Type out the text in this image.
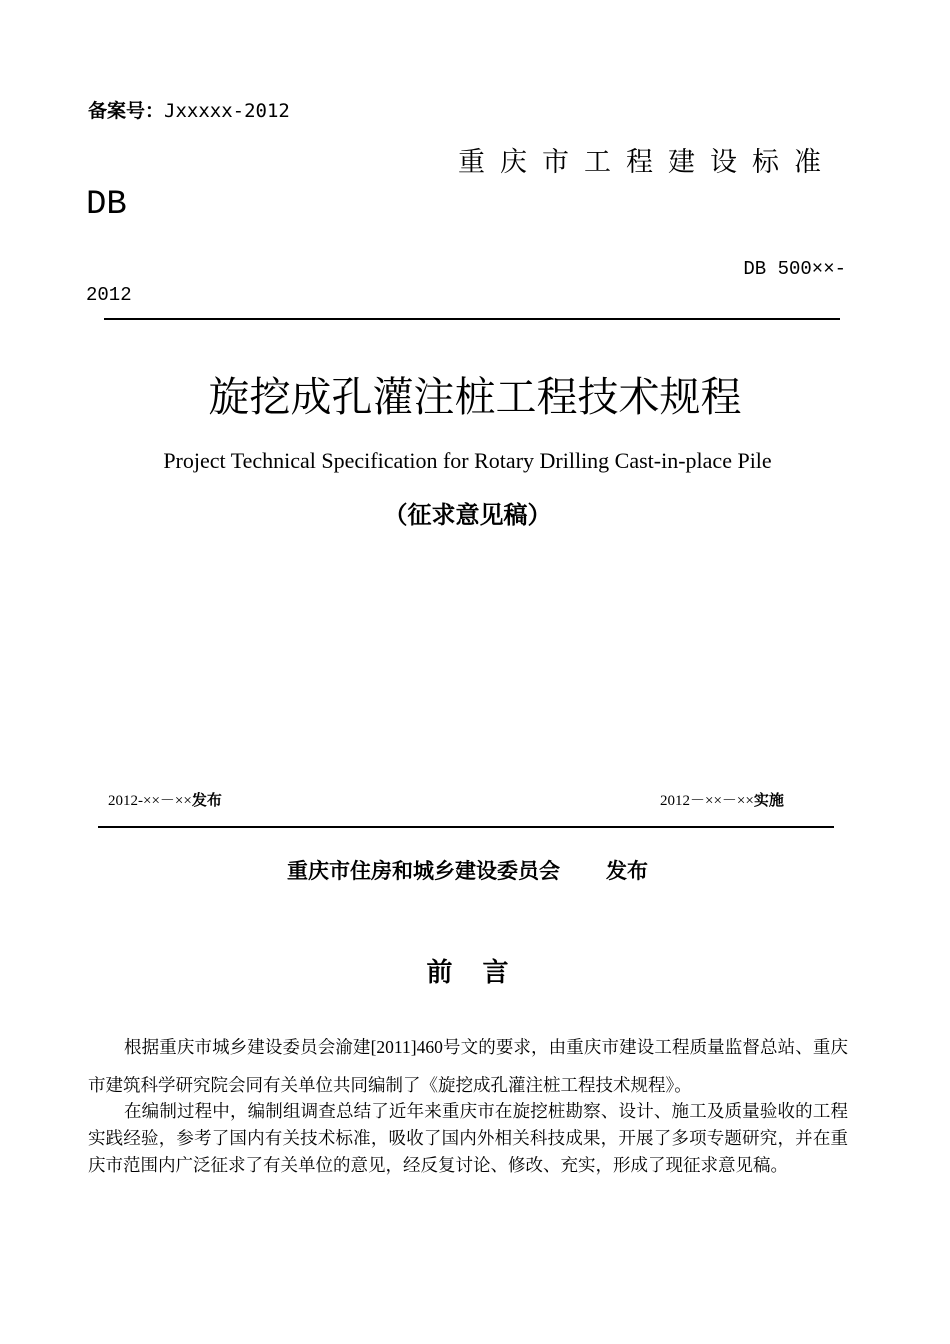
备案号：Jxxxxx-2012
重庆市工程建设标准
DB
DB 500××-
2012
旋挖成孔灌注桩工程技术规程
Project Technical Specification for Rotary Drilling Cast-in-place Pile
（征求意见稿）
2012-××－××发布	2012－××－××实施
重庆市住房和城乡建设委员会 发布
前言
根据重庆市城乡建设委员会渝建[2011]460号文的要求，由重庆市建设工程质量监督总站、重庆市建筑科学研究院会同有关单位共同编制了《旋挖成孔灌注桩工程技术规程》。
在编制过程中，编制组调查总结了近年来重庆市在旋挖桩勘察、设计、施工及质量验收的工程实践经验，参考了国内有关技术标准，吸收了国内外相关科技成果，开展了多项专题研究，并在重庆市范围内广泛征求了有关单位的意见，经反复讨论、修改、充实，形成了现征求意见稿。
